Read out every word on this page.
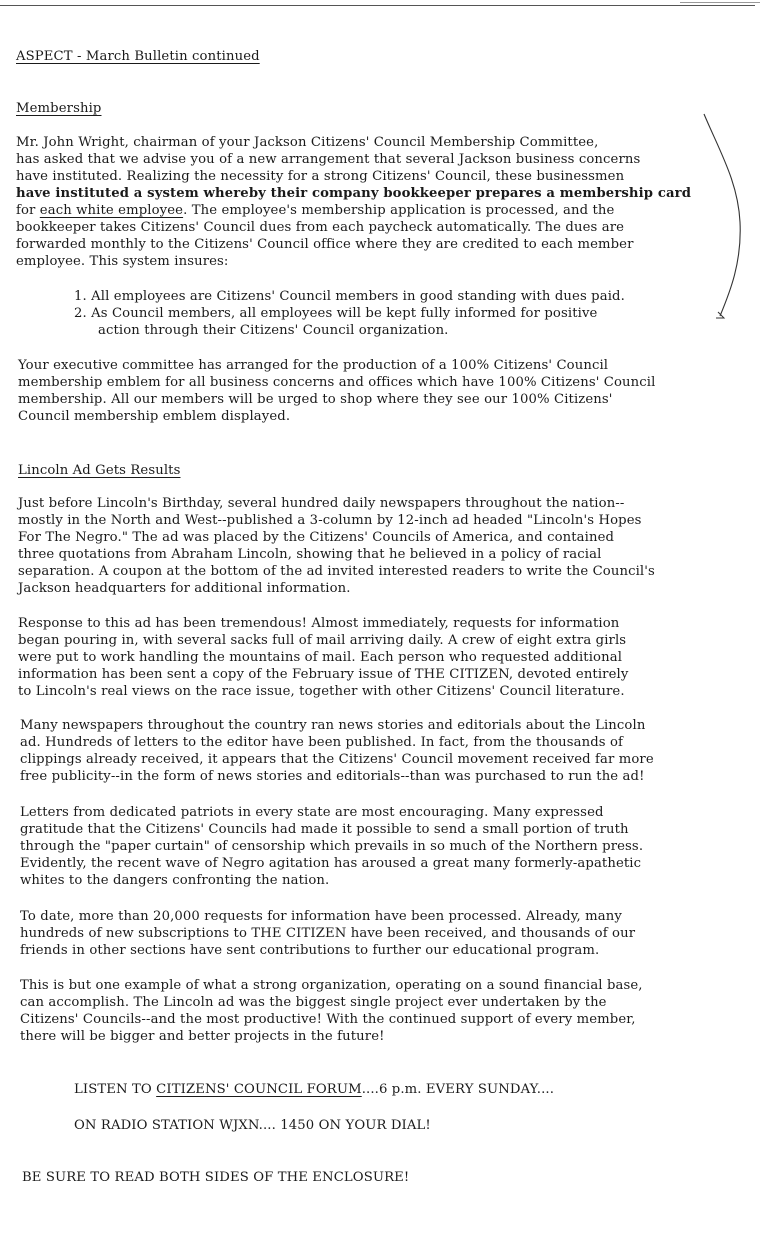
ASPECT - March Bulletin continued
Membership
Mr. John Wright, chairman of your Jackson Citizens' Council Membership Committee,
has asked that we advise you of a new arrangement that several Jackson business concerns
have instituted. Realizing the necessity for a strong Citizens' Council, these businessmen
have instituted a system whereby their company bookkeeper prepares a membership card
for each white employee. The employee's membership application is processed, and the
bookkeeper takes Citizens' Council dues from each paycheck automatically. The dues are
forwarded monthly to the Citizens' Council office where they are credited to each member
employee. This system insures:
1. All employees are Citizens' Council members in good standing with dues paid.
2. As Council members, all employees will be kept fully informed for positive
action through their Citizens' Council organization.
Your executive committee has arranged for the production of a 100% Citizens' Council
membership emblem for all business concerns and offices which have 100% Citizens' Council
membership. All our members will be urged to shop where they see our 100% Citizens'
Council membership emblem displayed.
Lincoln Ad Gets Results
Just before Lincoln's Birthday, several hundred daily newspapers throughout the nation--
mostly in the North and West--published a 3-column by 12-inch ad headed "Lincoln's Hopes
For The Negro." The ad was placed by the Citizens' Councils of America, and contained
three quotations from Abraham Lincoln, showing that he believed in a policy of racial
separation. A coupon at the bottom of the ad invited interested readers to write the Council's
Jackson headquarters for additional information.
Response to this ad has been tremendous! Almost immediately, requests for information
began pouring in, with several sacks full of mail arriving daily. A crew of eight extra girls
were put to work handling the mountains of mail. Each person who requested additional
information has been sent a copy of the February issue of THE CITIZEN, devoted entirely
to Lincoln's real views on the race issue, together with other Citizens' Council literature.
Many newspapers throughout the country ran news stories and editorials about the Lincoln
ad. Hundreds of letters to the editor have been published. In fact, from the thousands of
clippings already received, it appears that the Citizens' Council movement received far more
free publicity--in the form of news stories and editorials--than was purchased to run the ad!
Letters from dedicated patriots in every state are most encouraging. Many expressed
gratitude that the Citizens' Councils had made it possible to send a small portion of truth
through the "paper curtain" of censorship which prevails in so much of the Northern press.
Evidently, the recent wave of Negro agitation has aroused a great many formerly-apathetic
whites to the dangers confronting the nation.
To date, more than 20,000 requests for information have been processed. Already, many
hundreds of new subscriptions to THE CITIZEN have been received, and thousands of our
friends in other sections have sent contributions to further our educational program.
This is but one example of what a strong organization, operating on a sound financial base,
can accomplish. The Lincoln ad was the biggest single project ever undertaken by the
Citizens' Councils--and the most productive! With the continued support of every member,
there will be bigger and better projects in the future!
LISTEN TO CITIZENS' COUNCIL FORUM....6 p.m. EVERY SUNDAY....
ON RADIO STATION WJXN.... 1450 ON YOUR DIAL!
BE SURE TO READ BOTH SIDES OF THE ENCLOSURE!
